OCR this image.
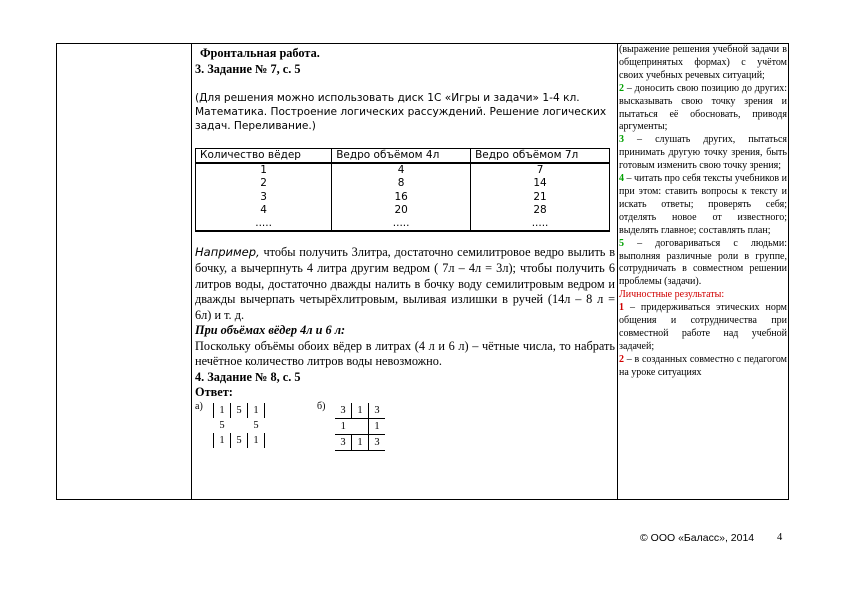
Фронтальная работа.
3. Задание № 7, с. 5
(Для решения можно использовать диск 1С «Игры и задачи» 1-4 кл. Математика. Построение логических рассуждений. Решение логических задач. Переливание.)
Количество вёдер	Ведро объёмом 4л	Ведро объёмом 7л
1	4	7
2	8	14
3	16	21
4	20	28
.....	.....	.....
Например, чтобы получить 3литра, достаточно семилитровое ведро вылить в бочку, а вычерпнуть 4 литра другим ведром ( 7л – 4л = 3л); чтобы получить 6 литров воды, достаточно дважды налить в бочку воду семилитровым ведром и дважды вычерпать четырёхлитровым, выливая излишки в ручей (14л – 8 л = 6л) и т. д.
При объёмах вёдер 4л и 6 л:
Поскольку объёмы обоих вёдер в литрах (4 л и 6 л) – чётные числа, то набрать нечётное количество литров воды невозможно.
4. Задание № 8, с. 5
Ответ:
а) 1	5	1
5		5
1	5	1
б) 3	1	3
1		1
3	1	3
(выражение решения учебной задачи в общепринятых формах) с учётом своих учебных речевых ситуаций;
2 – доносить свою позицию до других: высказывать свою точку зрения и пытаться её обосновать, приводя аргументы;
3 – слушать других, пытаться принимать другую точку зрения, быть готовым изменить свою точку зрения;
4 – читать про себя тексты учебников и при этом: ставить вопросы к тексту и искать ответы; проверять себя; отделять новое от известного; выделять главное; составлять план;
5 – договариваться с людьми: выполняя различные роли в группе, сотрудничать в совместном решении проблемы (задачи).
Личностные результаты:
1 – придерживаться этических норм общения и сотрудничества при совместной работе над учебной задачей;
2 – в созданных совместно с педагогом на уроке ситуациях
© ООО «Баласс», 2014 4
